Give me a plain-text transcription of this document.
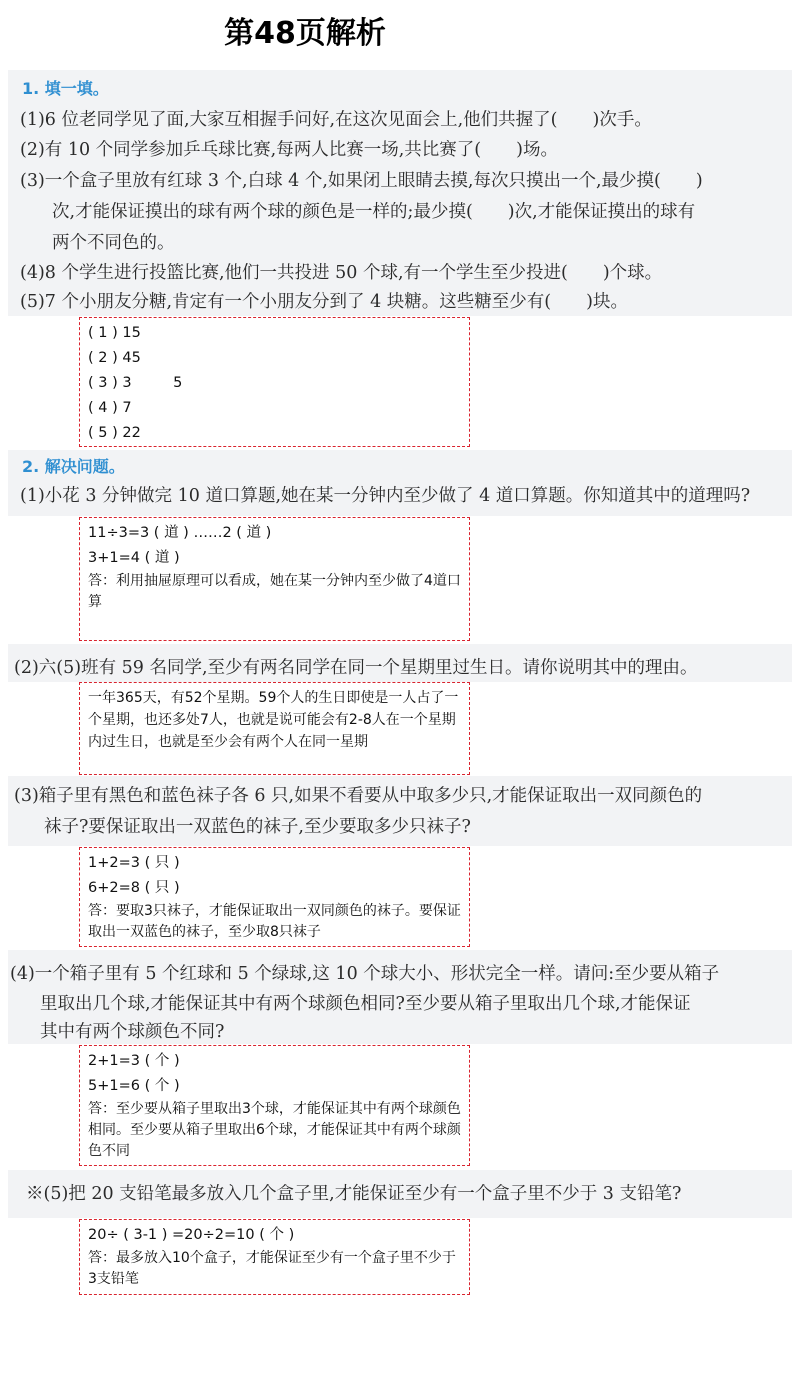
第48页解析
1. 填一填。
(1)6 位老同学见了面,大家互相握手问好,在这次见面会上,他们共握了(　　)次手。
(2)有 10 个同学参加乒乓球比赛,每两人比赛一场,共比赛了(　　)场。
(3)一个盒子里放有红球 3 个,白球 4 个,如果闭上眼睛去摸,每次只摸出一个,最少摸(　　)
次,才能保证摸出的球有两个球的颜色是一样的;最少摸(　　)次,才能保证摸出的球有
两个不同色的。
(4)8 个学生进行投篮比赛,他们一共投进 50 个球,有一个学生至少投进(　　)个球。
(5)7 个小朋友分糖,肯定有一个小朋友分到了 4 块糖。这些糖至少有(　　)块。
( 1 ) 15
( 2 ) 45
( 3 ) 3         5
( 4 ) 7
( 5 ) 22
2. 解决问题。
(1)小花 3 分钟做完 10 道口算题,她在某一分钟内至少做了 4 道口算题。你知道其中的道理吗?
11÷3=3 ( 道 ) ……2 ( 道 )
3+1=4 ( 道 )
答：利用抽屉原理可以看成，她在某一分钟内至少做了4道口算
(2)六(5)班有 59 名同学,至少有两名同学在同一个星期里过生日。请你说明其中的理由。
一年365天，有52个星期。59个人的生日即使是一人占了一个星期，也还多处7人，也就是说可能会有2-8人在一个星期内过生日，也就是至少会有两个人在同一星期
(3)箱子里有黑色和蓝色袜子各 6 只,如果不看要从中取多少只,才能保证取出一双同颜色的
袜子?要保证取出一双蓝色的袜子,至少要取多少只袜子?
1+2=3 ( 只 )
6+2=8 ( 只 )
答：要取3只袜子，才能保证取出一双同颜色的袜子。要保证取出一双蓝色的袜子，至少取8只袜子
(4)一个箱子里有 5 个红球和 5 个绿球,这 10 个球大小、形状完全一样。请问:至少要从箱子
里取出几个球,才能保证其中有两个球颜色相同?至少要从箱子里取出几个球,才能保证
其中有两个球颜色不同?
2+1=3 ( 个 )
5+1=6 ( 个 )
答：至少要从箱子里取出3个球，才能保证其中有两个球颜色相同。至少要从箱子里取出6个球，才能保证其中有两个球颜色不同
※(5)把 20 支铅笔最多放入几个盒子里,才能保证至少有一个盒子里不少于 3 支铅笔?
20÷ ( 3-1 ) =20÷2=10 ( 个 )
答：最多放入10个盒子，才能保证至少有一个盒子里不少于3支铅笔
